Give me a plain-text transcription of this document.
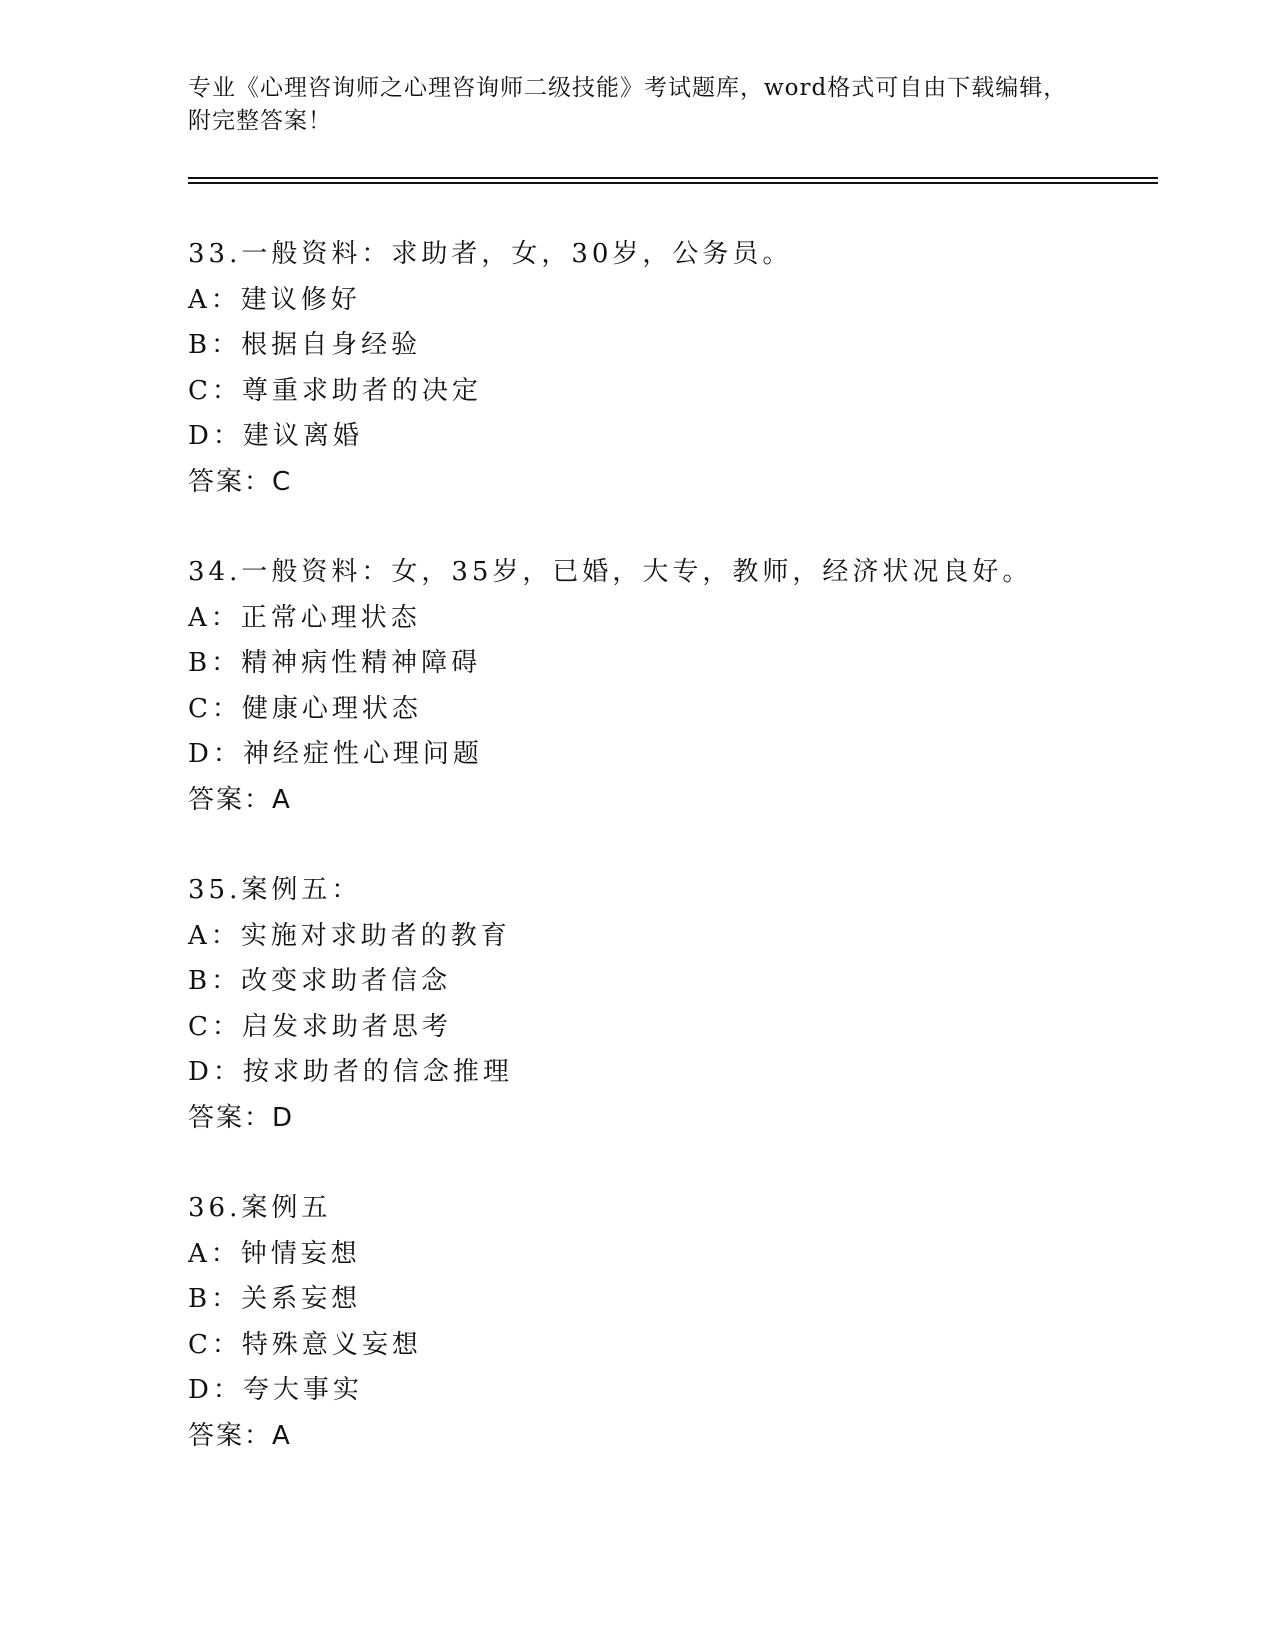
专业《心理咨询师之心理咨询师二级技能》考试题库，word格式可自由下载编辑，附完整答案！
33.一般资料：求助者，女，30岁，公务员。
A：建议修好
B：根据自身经验
C：尊重求助者的决定
D：建议离婚
答案：C
34.一般资料：女，35岁，已婚，大专，教师，经济状况良好。
A：正常心理状态
B：精神病性精神障碍
C：健康心理状态
D：神经症性心理问题
答案：A
35.案例五：
A：实施对求助者的教育
B：改变求助者信念
C：启发求助者思考
D：按求助者的信念推理
答案：D
36.案例五
A：钟情妄想
B：关系妄想
C：特殊意义妄想
D：夸大事实
答案：A
